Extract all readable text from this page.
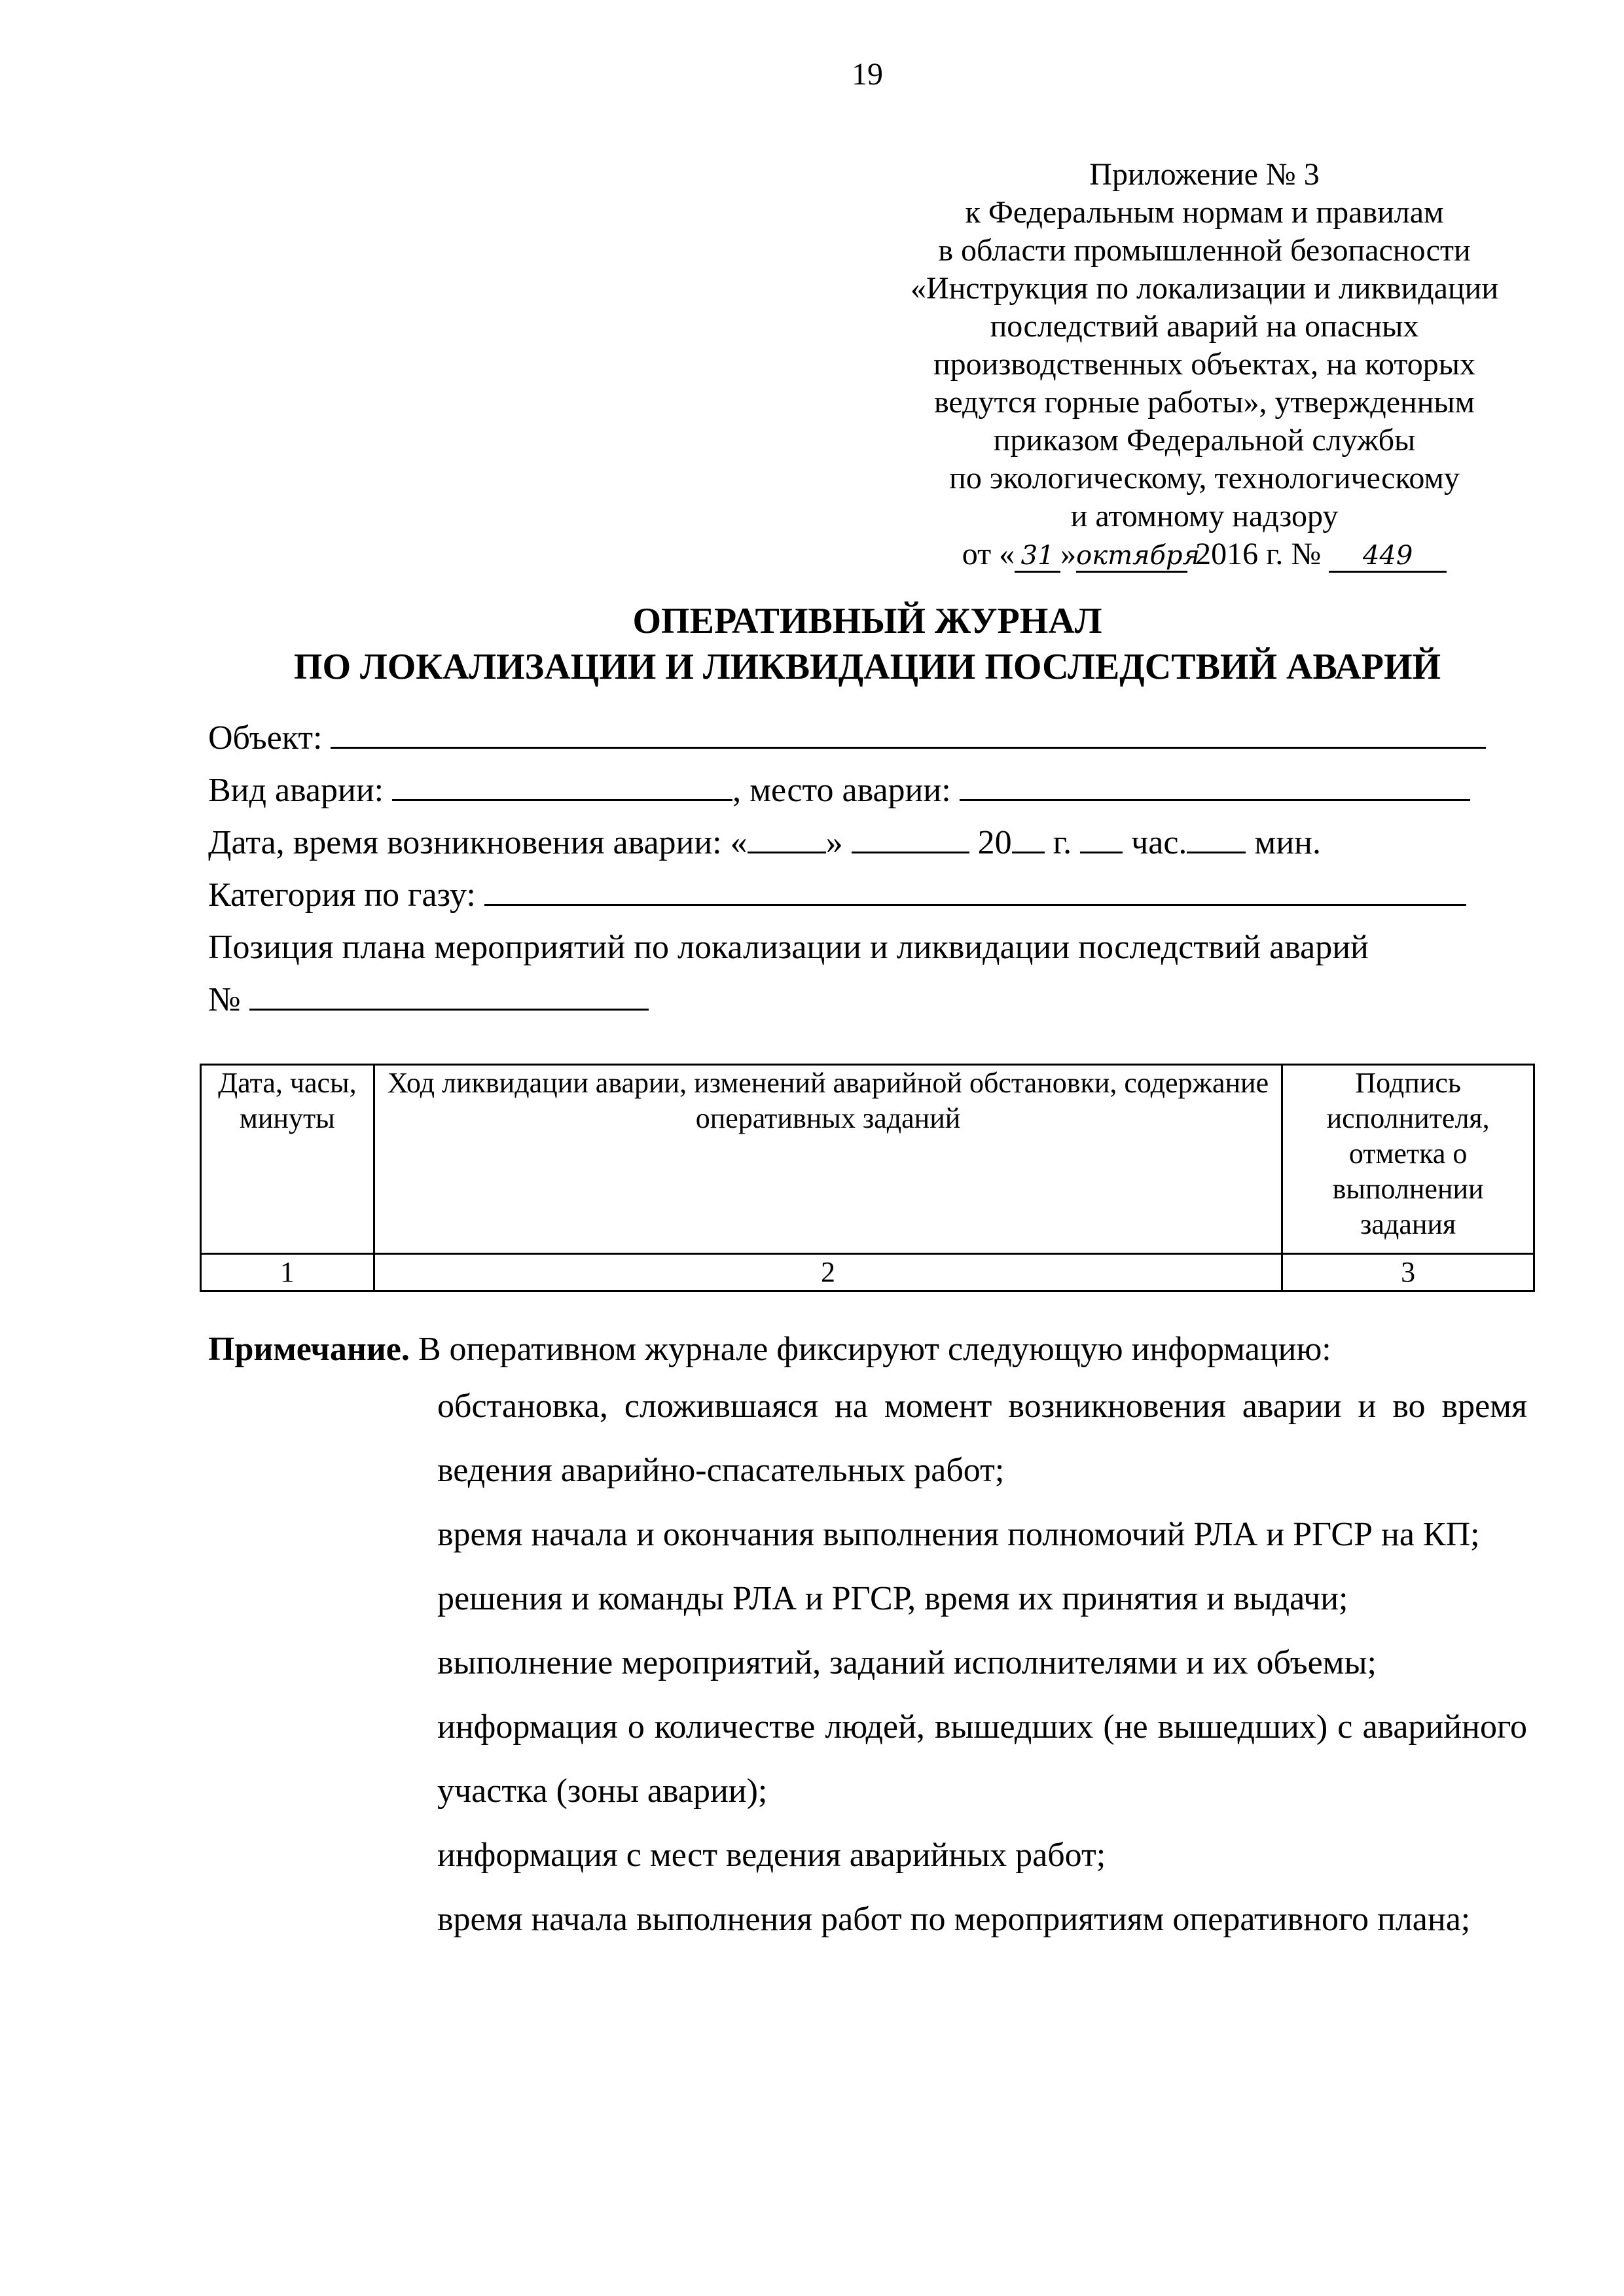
19
Приложение № 3
к Федеральным нормам и правилам
в области промышленной безопасности
«Инструкция по локализации и ликвидации
последствий аварий на опасных
производственных объектах, на которых
ведутся горные работы», утвержденным
приказом Федеральной службы
по экологическому, технологическому
и атомному надзору
от « 31 »октября 2016 г. № 449
ОПЕРАТИВНЫЙ ЖУРНАЛ
ПО ЛОКАЛИЗАЦИИ И ЛИКВИДАЦИИ ПОСЛЕДСТВИЙ АВАРИЙ
Объект:
Вид аварии:	, место аварии:
Дата, время возникновения аварии: « »	20 г. час. мин.
Категория по газу:
Позиция плана мероприятий по локализации и ликвидации последствий аварий
№
Дата, часы, минуты	Ход ликвидации аварии, изменений аварийной обстановки, содержание оперативных заданий	Подпись исполнителя, отметка о выполнении задания
1	2	3
Примечание. В оперативном журнале фиксируют следующую информацию:

обстановка, сложившаяся на момент возникновения аварии и во время ведения аварийно-спасательных работ;

время начала и окончания выполнения полномочий РЛА и РГСР на КП;

решения и команды РЛА и РГСР, время их принятия и выдачи;

выполнение мероприятий, заданий исполнителями и их объемы;

информация о количестве людей, вышедших (не вышедших) с аварийного участка (зоны аварии);

информация с мест ведения аварийных работ;

время начала выполнения работ по мероприятиям оперативного плана;
